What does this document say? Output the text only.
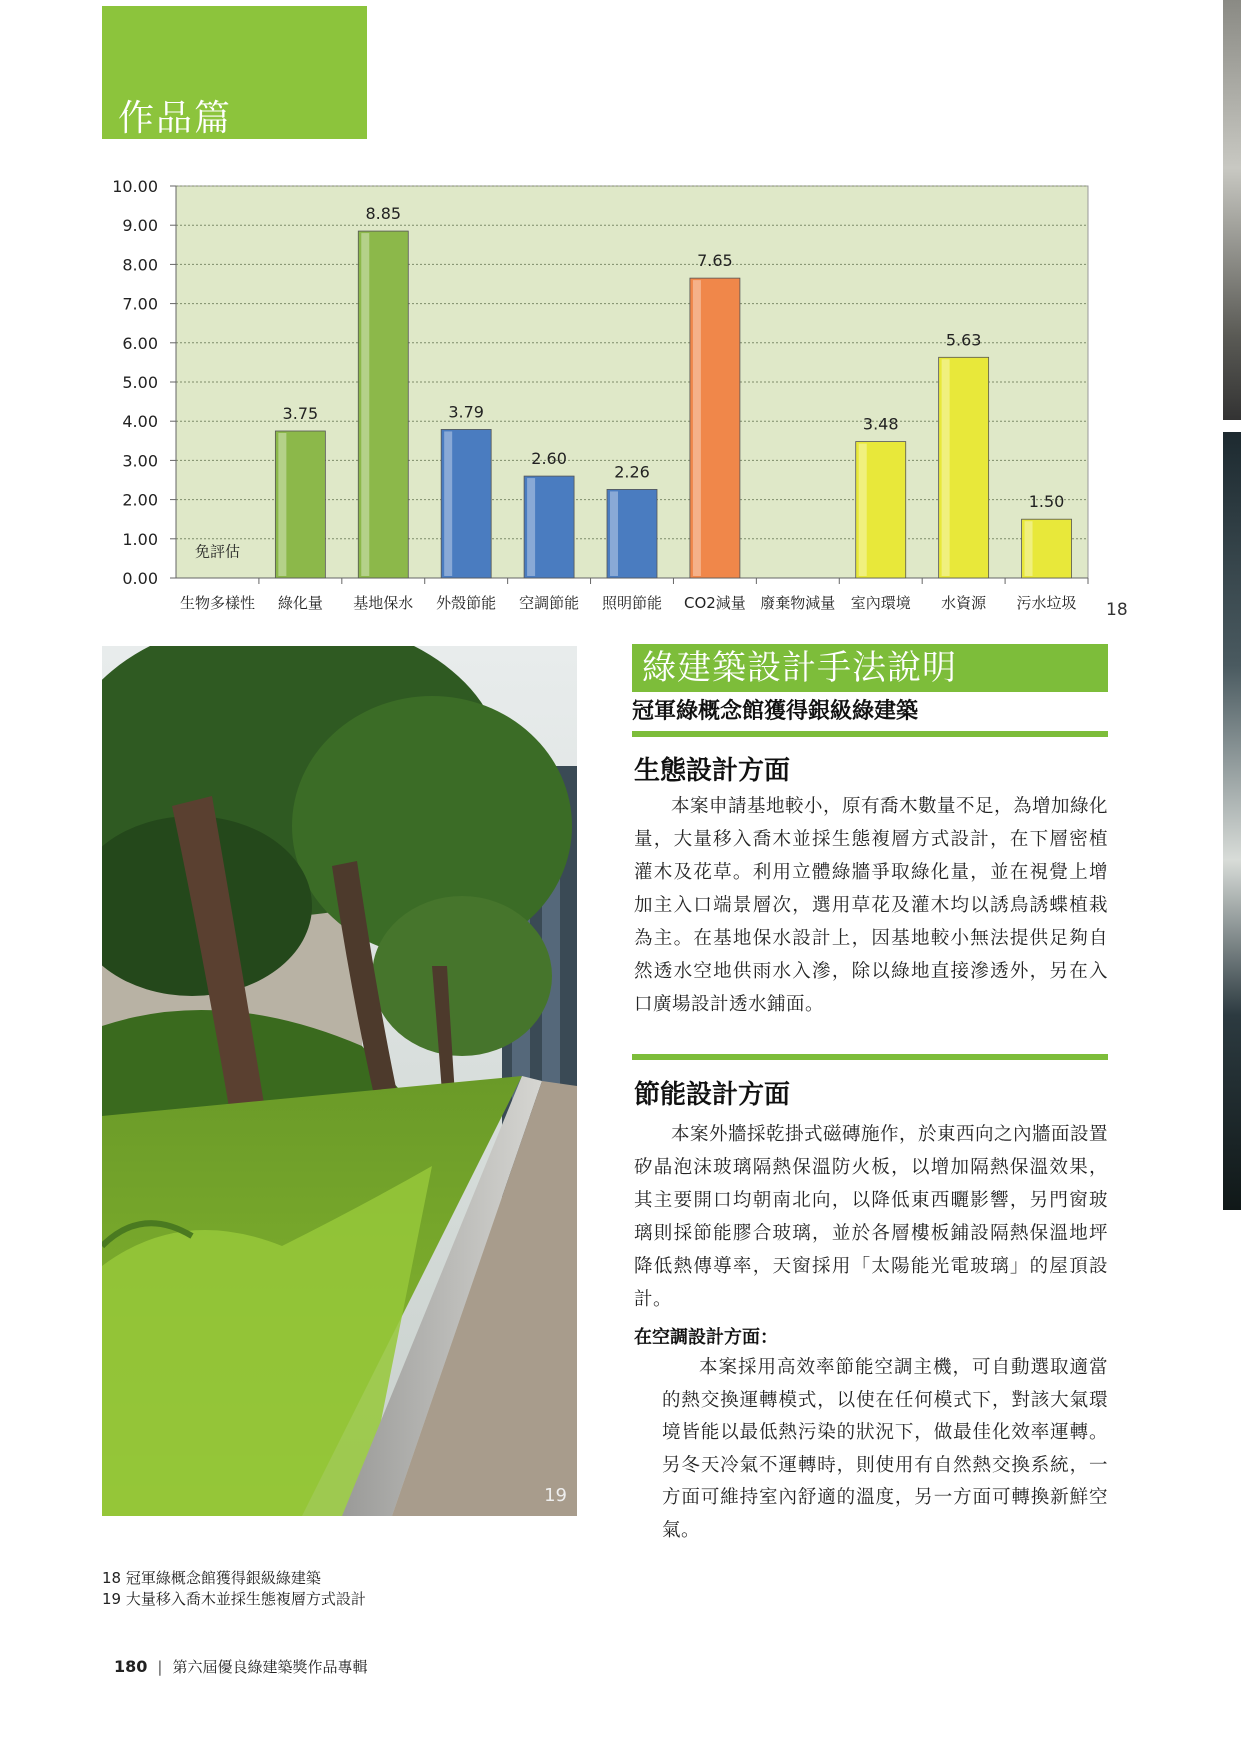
作品篇
0.00
1.00
2.00
3.00
4.00
5.00
6.00
7.00
8.00
9.00
10.00
生物多樣性 綠化量
3.75
基地保水
8.85
外殼節能
3.79
空調節能
2.60
照明節能
2.26
CO2減量
7.65
廢棄物減量 室內環境
3.48
水資源
5.63
污水垃圾
1.50
免評估
18
19
綠建築設計手法說明
冠軍綠概念館獲得銀級綠建築
生態設計方面
本案申請基地較小，原有喬木數量不足，為增加綠化量，大量移入喬木並採生態複層方式設計，在下層密植灌木及花草。利用立體綠牆爭取綠化量，並在視覺上增加主入口端景層次，選用草花及灌木均以誘鳥誘蝶植栽為主。在基地保水設計上，因基地較小無法提供足夠自然透水空地供雨水入滲，除以綠地直接滲透外，另在入口廣場設計透水鋪面。
節能設計方面
本案外牆採乾掛式磁磚施作，於東西向之內牆面設置矽晶泡沫玻璃隔熱保溫防火板，以增加隔熱保溫效果，其主要開口均朝南北向，以降低東西曬影響，另門窗玻璃則採節能膠合玻璃，並於各層樓板鋪設隔熱保溫地坪降低熱傳導率，天窗採用「太陽能光電玻璃」的屋頂設計。
在空調設計方面：
本案採用高效率節能空調主機，可自動選取適當的熱交換運轉模式，以使在任何模式下，對該大氣環境皆能以最低熱污染的狀況下，做最佳化效率運轉。另冬天冷氣不運轉時，則使用有自然熱交換系統，一方面可維持室內舒適的溫度，另一方面可轉換新鮮空氣。
18 冠軍綠概念館獲得銀級綠建築
19 大量移入喬木並採生態複層方式設計
180 | 第六屆優良綠建築獎作品專輯
